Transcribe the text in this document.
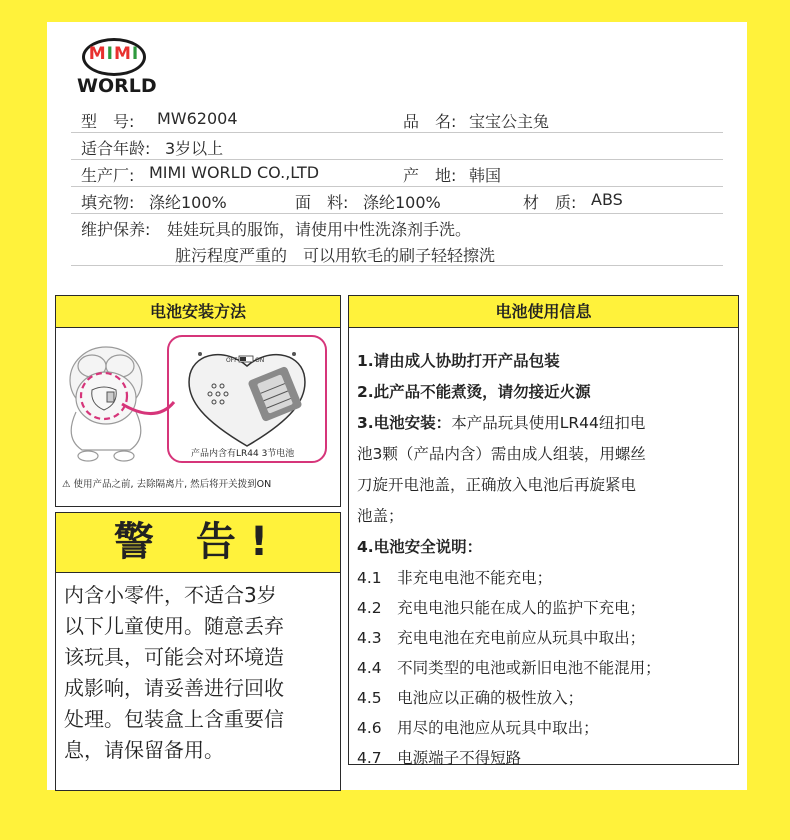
MIMI
WORLD
型　号: MW62004	品　名: 宝宝公主兔
适合年龄: 3岁以上
生产厂: MIMI WORLD CO.,LTD	产　地: 韩国
填充物: 涤纶100%	面　料: 涤纶100%	材　质: ABS
维护保养: 娃娃玩具的服饰，请使用中性洗涤剂手洗。
脏污程度严重的　可以用软毛的刷子轻轻擦洗
电池安装方法
OFF	ON
产品内含有LR44 3节电池
⚠ 使用产品之前, 去除隔离片, 然后将开关拨到ON
警 告!
内含小零件，不适合3岁
以下儿童使用。随意丢弃
该玩具，可能会对环境造
成影响，请妥善进行回收
处理。包装盒上含重要信
息，请保留备用。
电池使用信息
1.请由成人协助打开产品包装
2.此产品不能煮烫，请勿接近火源
3.电池安装：本产品玩具使用LR44纽扣电
池3颗（产品内含）需由成人组装，用螺丝
刀旋开电池盖，正确放入电池后再旋紧电
池盖；
4.电池安全说明：
4.1　非充电电池不能充电；
4.2　充电电池只能在成人的监护下充电；
4.3　充电电池在充电前应从玩具中取出；
4.4　不同类型的电池或新旧电池不能混用；
4.5　电池应以正确的极性放入；
4.6　用尽的电池应从玩具中取出；
4.7　电源端子不得短路
